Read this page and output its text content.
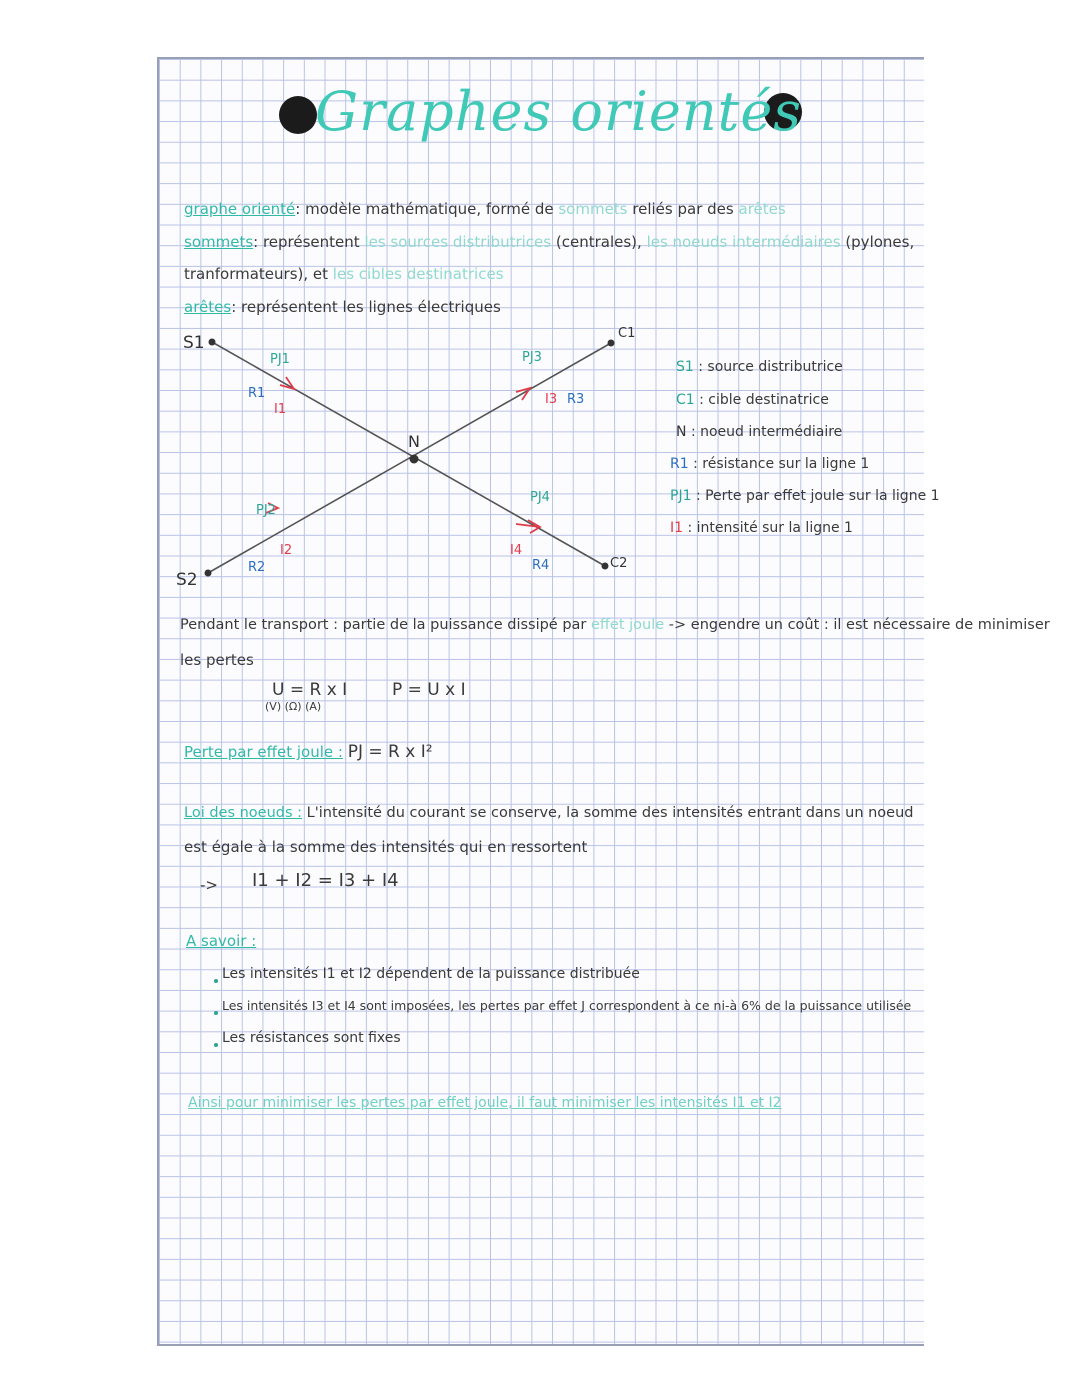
Graphes orientés
graphe orienté: modèle mathématique, formé de sommets reliés par des arêtes
sommets: représentent les sources distributrices (centrales), les noeuds intermédiaires (pylones,
tranformateurs), et les cibles destinatrices
arêtes: représentent les lignes électriques
S1
S2
C1
C2
N
PJ1
R1
I1
PJ2
R2
I2
PJ3
I3 R3
PJ4
I4
R4
S1 : source distributrice
C1 : cible destinatrice
N : noeud intermédiaire
R1 : résistance sur la ligne 1
PJ1 : Perte par effet joule sur la ligne 1
I1 : intensité sur la ligne 1
Pendant le transport : partie de la puissance dissipé par effet joule -> engendre un coût : il est nécessaire de minimiser
les pertes
U = R x I
(V) (Ω) (A)
P = U x I
Perte par effet joule : PJ = R x I²
Loi des noeuds : L'intensité du courant se conserve, la somme des intensités entrant dans un noeud
est égale à la somme des intensités qui en ressortent
-> I1 + I2 = I3 + I4
A savoir :
Les intensités I1 et I2 dépendent de la puissance distribuée
Les intensités I3 et I4 sont imposées, les pertes par effet J correspondent à ce ni-à 6% de la puissance utilisée
Les résistances sont fixes
Ainsi pour minimiser les pertes par effet joule, il faut minimiser les intensités I1 et I2
